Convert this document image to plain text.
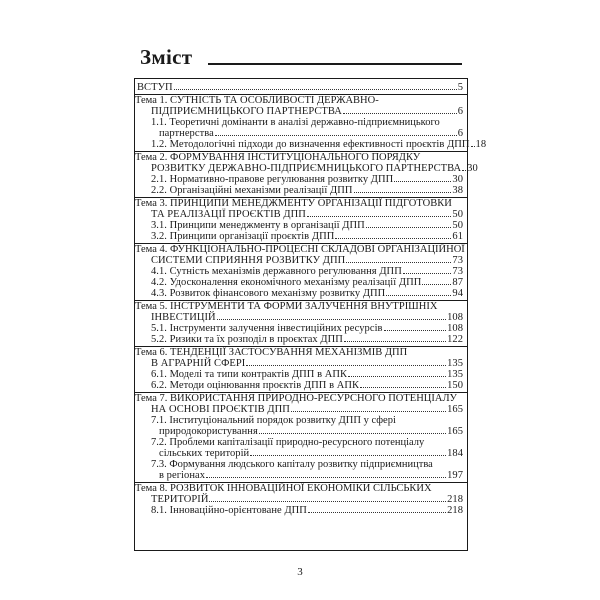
Зміст
ВСТУП	5
Тема 1. СУТНІСТЬ ТА ОСОБЛИВОСТІ ДЕРЖАВНО-
ПІДПРИЄМНИЦЬКОГО ПАРТНЕРСТВА	6
1.1. Теоретичні домінанти в аналізі державно-підприємницького
партнерства	6
1.2. Методологічні підходи до визначення ефективності проєктів ДПП 18
Тема 2. ФОРМУВАННЯ ІНСТИТУЦІОНАЛЬНОГО ПОРЯДКУ
РОЗВИТКУ ДЕРЖАВНО-ПІДПРИЄМНИЦЬКОГО ПАРТНЕРСТВА 30
2.1. Нормативно-правове регулювання розвитку ДПП	30
2.2. Організаційні механізми реалізації ДПП	38
Тема 3. ПРИНЦИПИ МЕНЕДЖМЕНТУ ОРГАНІЗАЦІЇ ПІДГОТОВКИ
ТА РЕАЛІЗАЦІЇ ПРОЄКТІВ ДПП	50
3.1. Принципи менеджменту в організації ДПП	50
3.2. Принципи організації проєктів ДПП	61
Тема 4. ФУНКЦІОНАЛЬНО-ПРОЦЕСНІ СКЛАДОВІ ОРГАНІЗАЦІЙНОЇ
СИСТЕМИ СПРИЯННЯ РОЗВИТКУ ДПП	73
4.1. Сутність механізмів державного регулювання ДПП	73
4.2. Удосконалення економічного механізму реалізації ДПП	87
4.3. Розвиток фінансового механізму розвитку ДПП	94
Тема 5. ІНСТРУМЕНТИ ТА ФОРМИ ЗАЛУЧЕННЯ ВНУТРІШНІХ
ІНВЕСТИЦІЙ	108
5.1. Інструменти залучення інвестиційних ресурсів	108
5.2. Ризики та їх розподіл в проєктах ДПП	122
Тема 6. ТЕНДЕНЦІЇ ЗАСТОСУВАННЯ МЕХАНІЗМІВ ДПП
В АГРАРНІЙ СФЕРІ	135
6.1. Моделі та типи контрактів ДПП в АПК	135
6.2. Методи оцінювання проєктів ДПП в АПК	150
Тема 7. ВИКОРИСТАННЯ ПРИРОДНО-РЕСУРСНОГО ПОТЕНЦІАЛУ
НА ОСНОВІ ПРОЄКТІВ ДПП	165
7.1. Інституціональний порядок розвитку ДПП у сфері
природокористування	165
7.2. Проблеми капіталізації природно-ресурсного потенціалу
сільських територій	184
7.3. Формування людського капіталу розвитку підприємництва
в регіонах	197
Тема 8. РОЗВИТОК ІННОВАЦІЙНОЇ ЕКОНОМІКИ СІЛЬСЬКИХ
ТЕРИТОРІЙ	218
8.1. Інноваційно-орієнтоване ДПП	218
3
